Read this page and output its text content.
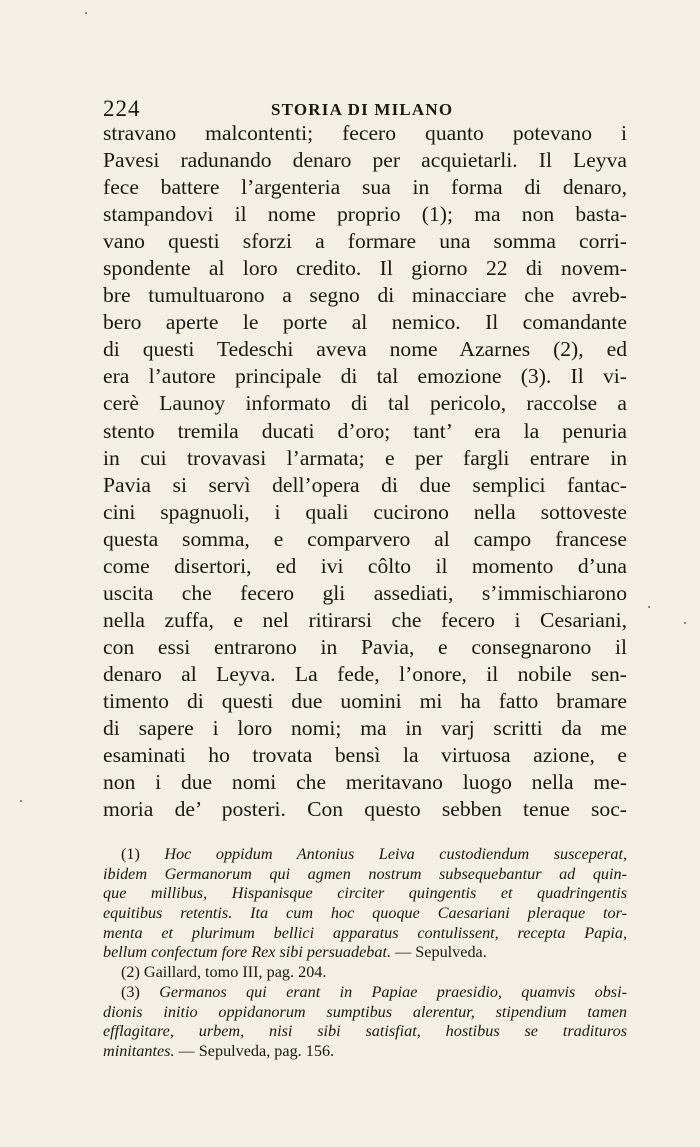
224	STORIA DI MILANO
stravano malcontenti; fecero quanto potevano i
Pavesi radunando denaro per acquietarli. Il Leyva
fece battere l’argenteria sua in forma di denaro,
stampandovi il nome proprio (1); ma non basta-
vano questi sforzi a formare una somma corri-
spondente al loro credito. Il giorno 22 di novem-
bre tumultuarono a segno di minacciare che avreb-
bero aperte le porte al nemico. Il comandante
di questi Tedeschi aveva nome Azarnes (2), ed
era l’autore principale di tal emozione (3). Il vi-
cerè Launoy informato di tal pericolo, raccolse a
stento tremila ducati d’oro; tant’ era la penuria
in cui trovavasi l’armata; e per fargli entrare in
Pavia si servì dell’opera di due semplici fantac-
cini spagnuoli, i quali cucirono nella sottoveste
questa somma, e comparvero al campo francese
come disertori, ed ivi côlto il momento d’una
uscita che fecero gli assediati, s’immischiarono
nella zuffa, e nel ritirarsi che fecero i Cesariani,
con essi entrarono in Pavia, e consegnarono il
denaro al Leyva. La fede, l’onore, il nobile sen-
timento di questi due uomini mi ha fatto bramare
di sapere i loro nomi; ma in varj scritti da me
esaminati ho trovata bensì la virtuosa azione, e
non i due nomi che meritavano luogo nella me-
moria de’ posteri. Con questo sebben tenue soc-
(1) Hoc oppidum Antonius Leiva custodiendum susceperat,
ibidem Germanorum qui agmen nostrum subsequebantur ad quin-
que millibus, Hispanisque circiter quingentis et quadringentis
equitibus retentis. Ita cum hoc quoque Caesariani pleraque tor-
menta et plurimum bellici apparatus contulissent, recepta Papia,
bellum confectum fore Rex sibi persuadebat. — Sepulveda.
(2) Gaillard, tomo III, pag. 204.
(3) Germanos qui erant in Papiae praesidio, quamvis obsi-
dionis initio oppidanorum sumptibus alerentur, stipendium tamen
efflagitare, urbem, nisi sibi satisfiat, hostibus se tradituros
minitantes. — Sepulveda, pag. 156.
